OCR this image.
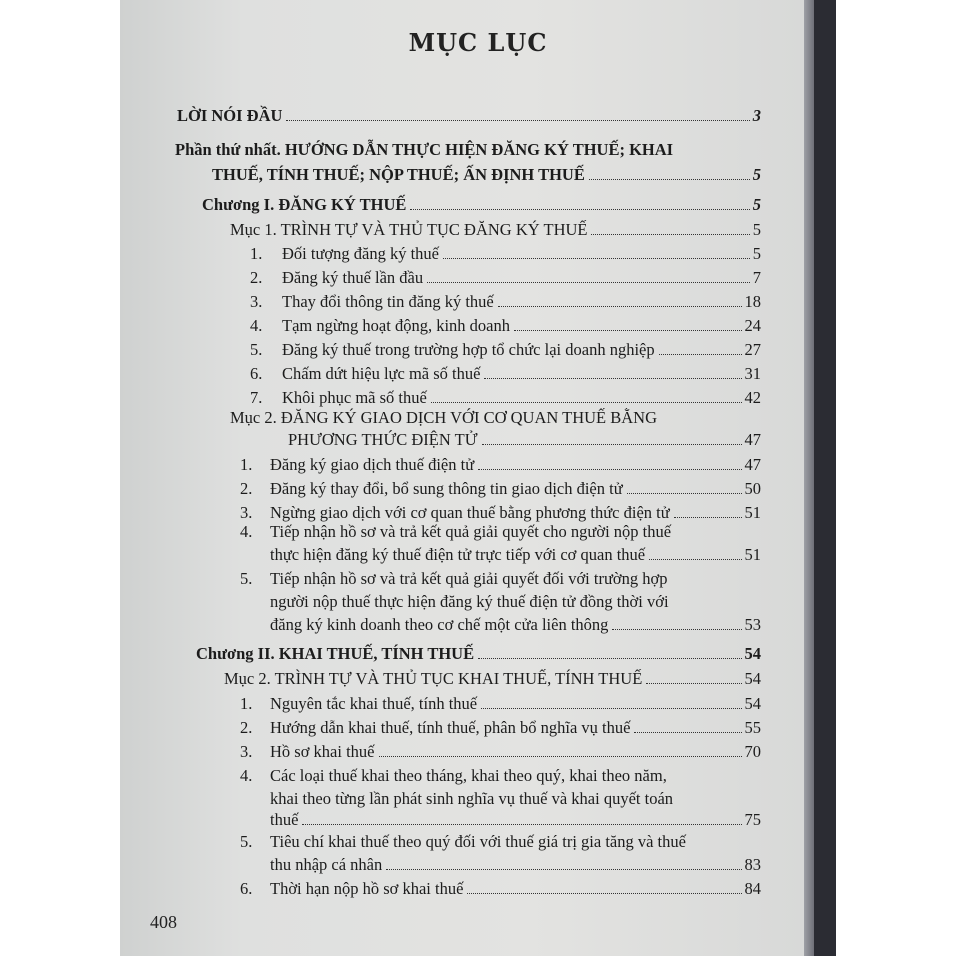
MỤC LỤC
LỜI NÓI ĐẦU	3
Phần thứ nhất. HƯỚNG DẪN THỰC HIỆN ĐĂNG KÝ THUẾ; KHAI
THUẾ, TÍNH THUẾ; NỘP THUẾ; ẤN ĐỊNH THUẾ	5
Chương I. ĐĂNG KÝ THUẾ	5
Mục 1. TRÌNH TỰ VÀ THỦ TỤC ĐĂNG KÝ THUẾ	5
1.	Đối tượng đăng ký thuế	5
2.	Đăng ký thuế lần đầu	7
3.	Thay đổi thông tin đăng ký thuế	18
4.	Tạm ngừng hoạt động, kinh doanh	24
5.	Đăng ký thuế trong trường hợp tổ chức lại doanh nghiệp	27
6.	Chấm dứt hiệu lực mã số thuế	31
7.	Khôi phục mã số thuế	42
Mục 2. ĐĂNG KÝ GIAO DỊCH VỚI CƠ QUAN THUẾ BẰNG
PHƯƠNG THỨC ĐIỆN TỬ	47
1.	Đăng ký giao dịch thuế điện tử	47
2.	Đăng ký thay đổi, bổ sung thông tin giao dịch điện tử	50
3.	Ngừng giao dịch với cơ quan thuế bằng phương thức điện tử	51
4. Tiếp nhận hồ sơ và trả kết quả giải quyết cho người nộp thuế
thực hiện đăng ký thuế điện tử trực tiếp với cơ quan thuế	51
5. Tiếp nhận hồ sơ và trả kết quả giải quyết đối với trường hợp
người nộp thuế thực hiện đăng ký thuế điện tử đồng thời với
đăng ký kinh doanh theo cơ chế một cửa liên thông	53
Chương II. KHAI THUẾ, TÍNH THUẾ	54
Mục 2. TRÌNH TỰ VÀ THỦ TỤC KHAI THUẾ, TÍNH THUẾ	54
1.	Nguyên tắc khai thuế, tính thuế	54
2.	Hướng dẫn khai thuế, tính thuế, phân bổ nghĩa vụ thuế	55
3.	Hồ sơ khai thuế	70
4. Các loại thuế khai theo tháng, khai theo quý, khai theo năm,
khai theo từng lần phát sinh nghĩa vụ thuế và khai quyết toán
thuế	75
5. Tiêu chí khai thuế theo quý đối với thuế giá trị gia tăng và thuế
thu nhập cá nhân	83
6.	Thời hạn nộp hồ sơ khai thuế	84
408
